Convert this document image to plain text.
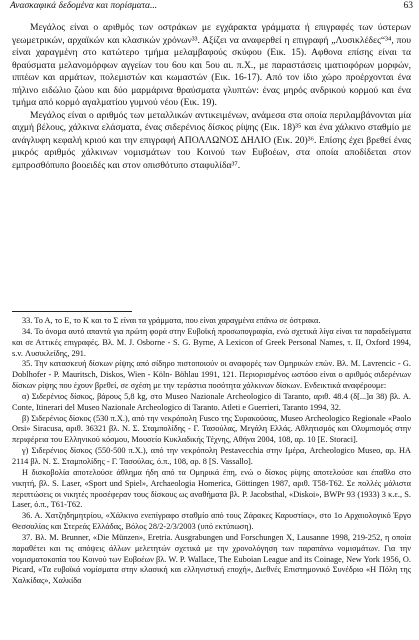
Ανασκαφικά δεδομένα και πορίσματα...	63

Μεγάλος είναι ο αριθμός των οστράκων με εγχάρακτα γράμματα ή επιγραφές των ύστερων γεωμετρικών, αρχαϊκών και κλασικών χρόνων³³. Αξίζει να αναφερθεί η επιγραφή „Λυσικλέδες“³⁴, που είναι χαραγμένη στο κατώτερο τμήμα μελαμβαφούς σκύφου (Εικ. 15). Αφθονα επίσης είναι τα θραύσματα μελανομόρφων αγγείων του 6ου και 5ου αι. π.Χ., με παραστάσεις ιματιοφόρων μορφών, ιππέων και αρμάτων, πολεμιστών και κωμαστών (Εικ. 16-17). Από τον ίδιο χώρο προέρχονται ένα πήλινο ειδώλιο ζώου και δύο μαρμάρινα θραύσματα γλυπτών: ένας μηρός ανδρικού κορμού και ένα τμήμα από κορμό αγαλματίου γυμνού νέου (Εικ. 19).

Μεγάλος είναι ο αριθμός των μεταλλικών αντικειμένων, ανάμεσα στα οποία περιλαμβάνονται μία αιχμή βέλους, χάλκινα ελάσματα, ένας σιδερένιος δίσκος ρίψης (Εικ. 18)³⁵ και ένα χάλκινο σταθμίο με ανάγλυφη κεφαλή κριού και την επιγραφή ΑΠΟΛΛΩΝΟΣ ΔΗΛΙΟ (Εικ. 20)³⁶. Επίσης έχει βρεθεί ένας μικρός αριθμός χάλκινων νομισμάτων του Κοινού των Ευβοέων, στα οποία αποδίδεται στον εμπροσθόπυπο βοοειδές και στον οπισθότυπο σταφυλίδα³⁷.

33. Το Α, το Ε, το Κ και το Σ είναι τα γράμματα, που είναι χαραγμένα επάνω σε όστρακα.

34. Το όνομα αυτό απαντά για πρώτη φορά στην Ευβοϊκή προσωπογραφία, ενώ σχετικά λίγα είναι τα παραδείγματα και σε Αττικές επιγραφές. Βλ. M. J. Osborne - S. G. Byrne, A Lexicon of Greek Personal Names, τ. II, Oxford 1994, s.v. Λυσικλείδης, 291.

35. Την κατασκευή δίσκων ρίψης από σίδηρο πιστοποιούν οι αναφορές των Ομηρικών επών. Βλ. M. Lavrencic - G. Doblhofer - P. Mauritsch, Diskos, Wien - Köln- Böhlau 1991, 121. Περιορισμένος ωστόσο είναι ο αριθμός σιδερένιων δίσκων ρίψης που έχουν βρεθεί, σε σχέση με την τεράστια ποσότητα χάλκινων δίσκων. Ενδεικτικά αναφέρουμε:

α) Σιδερένιος δίσκος, βάρους 5,8 kg, στο Museo Nazionale Archeologico di Taranto, αριθ. 48.4 (δ[...]α 38) βλ. A. Conte, Itinerari del Museo Nazionale Archeologico di Taranto. Atleti e Guerrieri, Taranto 1994, 32.

β) Σιδερένιος δίσκος (530 π.Χ.), από την νεκρόπολη Fusco της Συρακούσας, Museo Archeologico Regionale «Paolo Orsi» Siracusa, αριθ. 36321 βλ. N. Σ. Σταμπολίδης - Γ. Τασούλας, Μεγάλη Ελλάς. Αθλητισμός και Ολυμπισμός στην περιφέρεια του Ελληνικού κόσμου, Μουσείο Κυκλαδικής Τέχνης, Αθήνα 2004, 108, αρ. 10 [E. Storaci].

γ) Σιδερένιος δίσκος (550-500 π.Χ.), από την νεκρόπολη Pestavecchia στην Ιμέρα, Archeologico Museo, αρ. HA 2114 βλ. N. Σ. Σταμπολίδης - Γ. Τασούλας, ό.π., 108, αρ. 8 [S. Vassallo].

Η δισκοβολία αποτελούσε άθλημα ήδη από τα Ομηρικά έπη, ενώ ο δίσκος ρίψης αποτελούσε και έπαθλο στο νικητή, βλ. S. Laser, «Sport und Spiel», Archaeologia Homerica, Göttingen 1987, αριθ. Τ58-Τ62. Σε πολλές μάλιστα περιπτώσεις οι νικητές προσέφεραν τους δίσκους ως αναθήματα βλ. P. Jacobsthal, «Diskoi», BWPr 93 (1933) 3 κ.ε., S. Laser, ό.π., Τ61-Τ62.

36. Α. Χατζηδημητρίου, «Χάλκινο ενεπίγραφο σταθμίο από τους Ζάρακες Καρυστίας», στο 1ο Αρχαιολογικό Έργο Θεσσαλίας και Στερεάς Ελλάδας, Βόλος 28/2-2/3/2003 (υπό εκτύπωση).

37. Βλ. M. Brunner, «Die Münzen», Eretria. Ausgrabungen und Forschungen X, Lausanne 1998, 219-252, η οποία παραθέτει και τις απόψεις άλλων μελετητών σχετικά με την χρονολόγηση των παραπάνω νομισμάτων. Για την νομισματοκοπία του Κοινού των Ευβοέων βλ. W. P. Wallace, The Euboian League and its Coinage, New York 1956, O. Picard, «Τα ευβοϊκά νομίσματα στην κλασική και ελληνιστική εποχή», Διεθνές Επιστημονικό Συνέδριο «Η Πόλη της Χαλκίδας», Χαλκίδα
